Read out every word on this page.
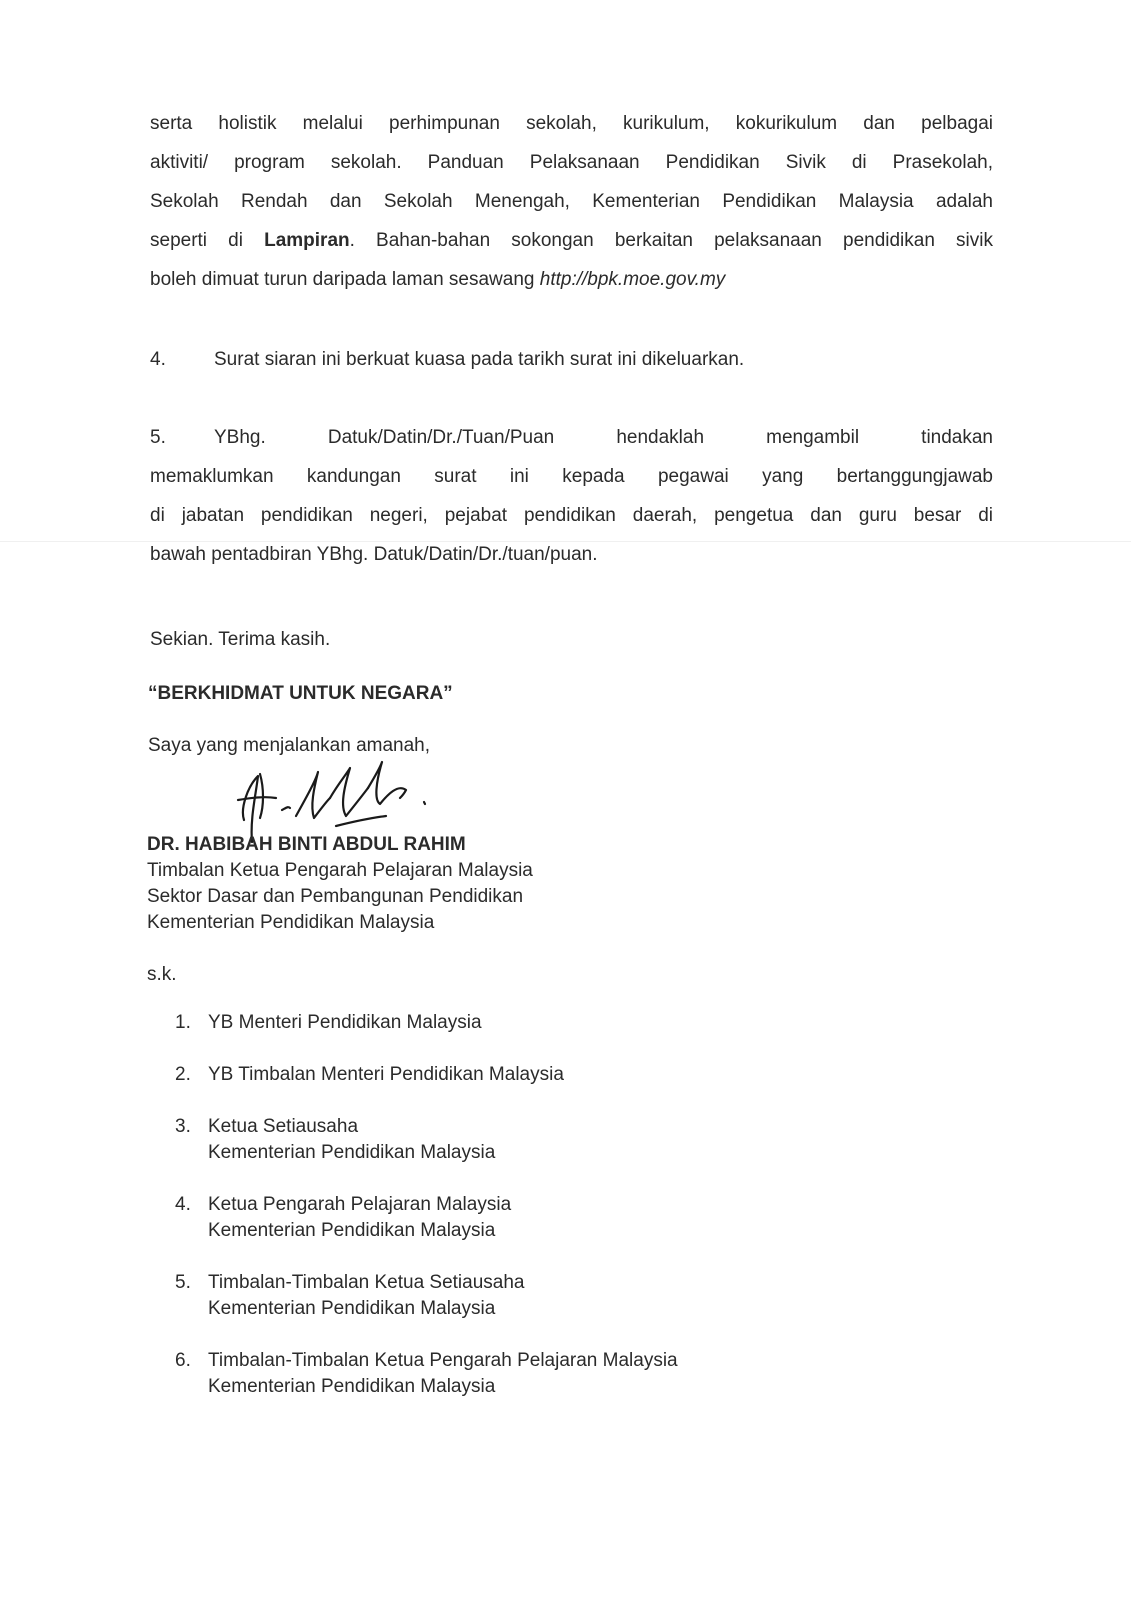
serta holistik melalui perhimpunan sekolah, kurikulum, kokurikulum dan pelbagai
aktiviti/ program sekolah. Panduan Pelaksanaan Pendidikan Sivik di Prasekolah,
Sekolah Rendah dan Sekolah Menengah, Kementerian Pendidikan Malaysia adalah
seperti di Lampiran. Bahan-bahan sokongan berkaitan pelaksanaan pendidikan sivik
boleh dimuat turun daripada laman sesawang http://bpk.moe.gov.my
4.	Surat siaran ini berkuat kuasa pada tarikh surat ini dikeluarkan.
5.	YBhg. Datuk/Datin/Dr./Tuan/Puan hendaklah mengambil tindakan
memaklumkan kandungan surat ini kepada pegawai yang bertanggungjawab
di jabatan pendidikan negeri, pejabat pendidikan daerah, pengetua dan guru besar di
bawah pentadbiran YBhg. Datuk/Datin/Dr./tuan/puan.

Sekian. Terima kasih.

“BERKHIDMAT UNTUK NEGARA”

Saya yang menjalankan amanah,

DR. HABIBAH BINTI ABDUL RAHIM
Timbalan Ketua Pengarah Pelajaran Malaysia
Sektor Dasar dan Pembangunan Pendidikan
Kementerian Pendidikan Malaysia
s.k.
1. YB Menteri Pendidikan Malaysia
2. YB Timbalan Menteri Pendidikan Malaysia
3. Ketua Setiausaha
Kementerian Pendidikan Malaysia
4. Ketua Pengarah Pelajaran Malaysia
Kementerian Pendidikan Malaysia
5. Timbalan-Timbalan Ketua Setiausaha
Kementerian Pendidikan Malaysia
6. Timbalan-Timbalan Ketua Pengarah Pelajaran Malaysia
Kementerian Pendidikan Malaysia
